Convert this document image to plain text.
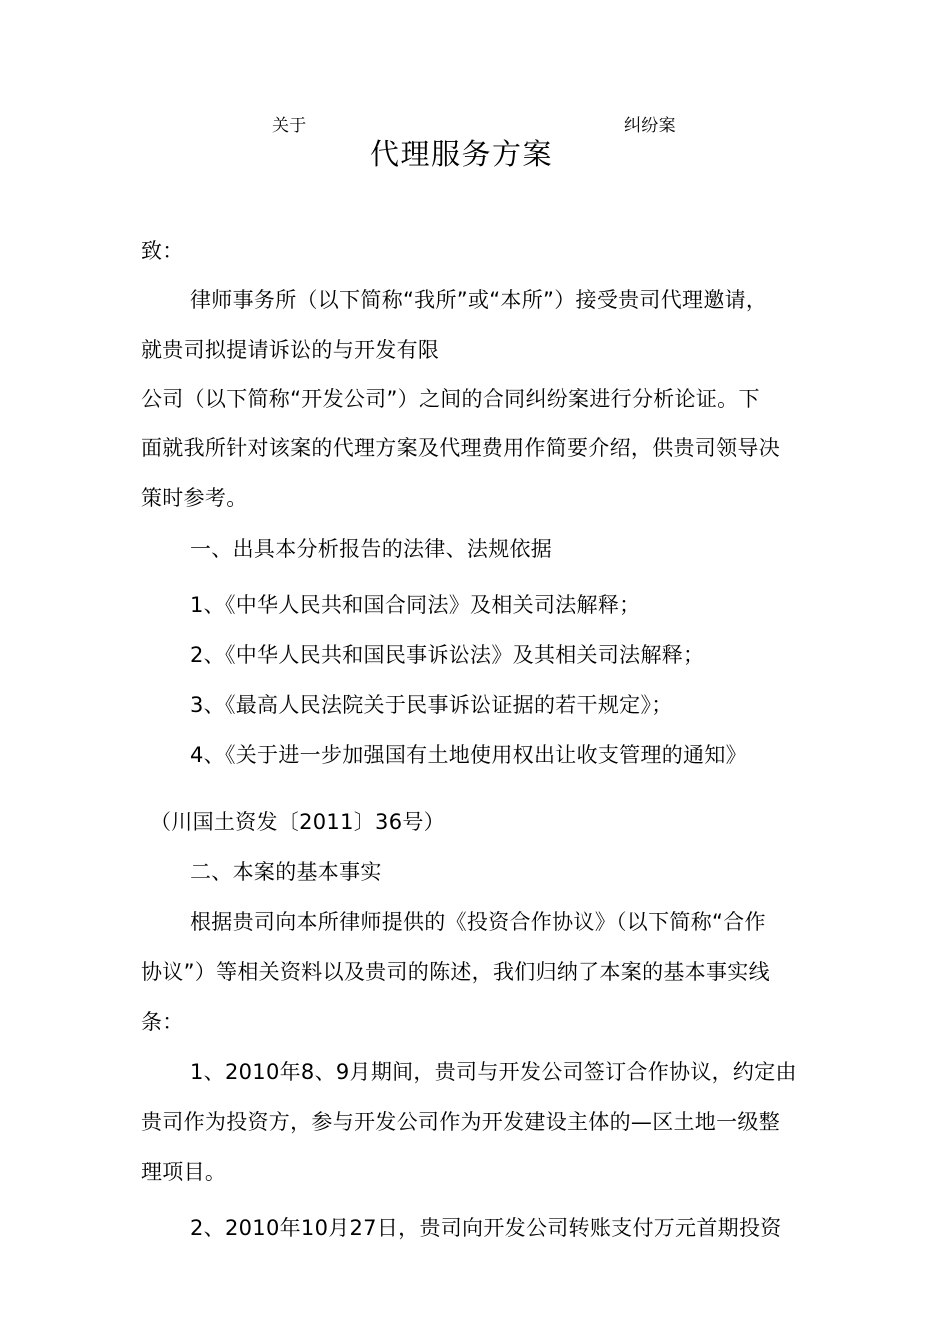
关于	纠纷案
代理服务方案
致：
律师事务所（以下简称“我所”或“本所”）接受贵司代理邀请，
就贵司拟提请诉讼的与开发有限
公司（以下简称“开发公司”）之间的合同纠纷案进行分析论证。下
面就我所针对该案的代理方案及代理费用作简要介绍，供贵司领导决
策时参考。
一、出具本分析报告的法律、法规依据
1、《中华人民共和国合同法》及相关司法解释；
2、《中华人民共和国民事诉讼法》及其相关司法解释；
3、《最高人民法院关于民事诉讼证据的若干规定》；
4、《关于进一步加强国有土地使用权出让收支管理的通知》
（川国土资发〔2011〕36号）
二、本案的基本事实
根据贵司向本所律师提供的《投资合作协议》（以下简称“合作
协议”）等相关资料以及贵司的陈述，我们归纳了本案的基本事实线
条：
1、2010年8、9月期间，贵司与开发公司签订合作协议，约定由
贵司作为投资方，参与开发公司作为开发建设主体的—区土地一级整
理项目。
2、2010年10月27日，贵司向开发公司转账支付万元首期投资
